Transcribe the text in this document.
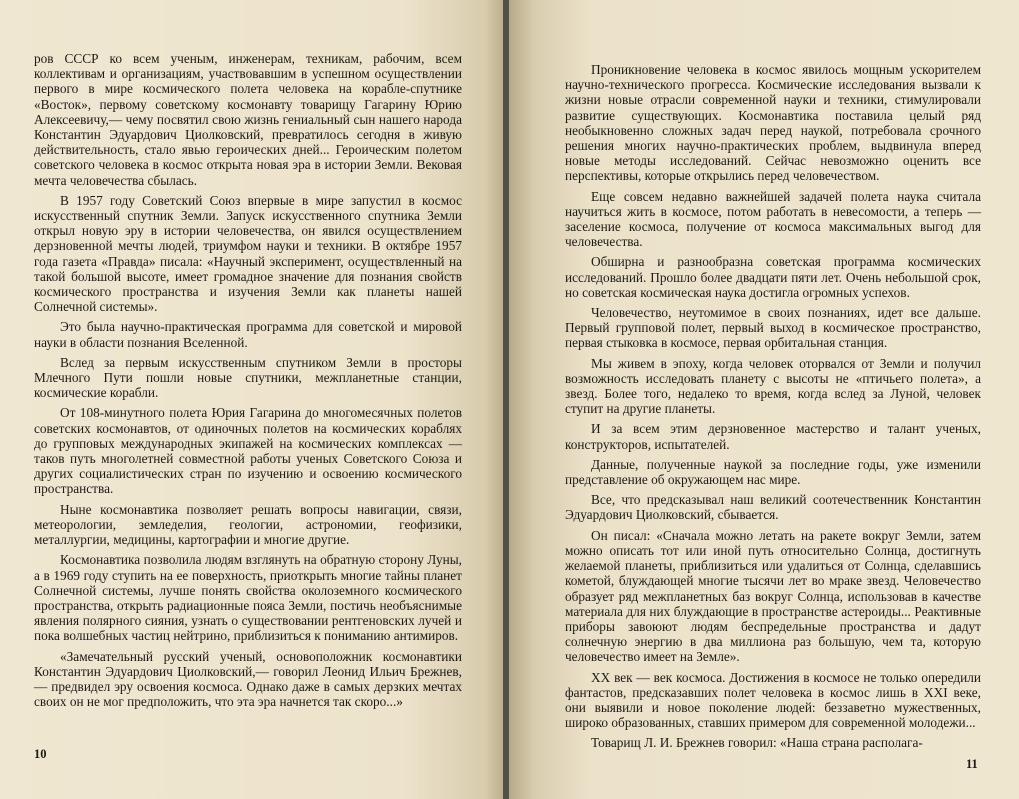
ров СССР ко всем ученым, инженерам, техникам, рабочим, всем коллективам и организациям, участвовавшим в успешном осуществлении первого в мире космического полета человека на корабле-спутнике «Восток», первому советскому космонавту товарищу Гагарину Юрию Алексеевичу,— чему посвятил свою жизнь гениальный сын нашего народа Константин Эдуардович Циолковский, превратилось сегодня в живую действительность, стало явью героических дней... Героическим полетом советского человека в космос открыта новая эра в истории Земли. Вековая мечта человечества сбылась.

В 1957 году Советский Союз впервые в мире запустил в космос искусственный спутник Земли. Запуск искусственного спутника Земли открыл новую эру в истории человечества, он явился осуществлением дерзновенной мечты людей, триумфом науки и техники. В октябре 1957 года газета «Правда» писала: «Научный эксперимент, осуществленный на такой большой высоте, имеет громадное значение для познания свойств космического пространства и изучения Земли как планеты нашей Солнечной системы».

Это была научно-практическая программа для советской и мировой науки в области познания Вселенной.

Вслед за первым искусственным спутником Земли в просторы Млечного Пути пошли новые спутники, межпланетные станции, космические корабли.

От 108-минутного полета Юрия Гагарина до многомесячных полетов советских космонавтов, от одиночных полетов на космических кораблях до групповых международных экипажей на космических комплексах — таков путь многолетней совместной работы ученых Советского Союза и других социалистических стран по изучению и освоению космического пространства.

Ныне космонавтика позволяет решать вопросы навигации, связи, метеорологии, земледелия, геологии, астрономии, геофизики, металлургии, медицины, картографии и многие другие.

Космонавтика позволила людям взглянуть на обратную сторону Луны, а в 1969 году ступить на ее поверхность, приоткрыть многие тайны планет Солнечной системы, лучше понять свойства околоземного космического пространства, открыть радиационные пояса Земли, постичь необъяснимые явления полярного сияния, узнать о существовании рентгеновских лучей и пока волшебных частиц нейтрино, приблизиться к пониманию антимиров.

«Замечательный русский ученый, основоположник космонавтики Константин Эдуардович Циолковский,— говорил Леонид Ильич Брежнев,— предвидел эру освоения космоса. Однако даже в самых дерзких мечтах своих он не мог предположить, что эта эра начнется так скоро...»

10

Проникновение человека в космос явилось мощным ускорителем научно-технического прогресса. Космические исследования вызвали к жизни новые отрасли современной науки и техники, стимулировали развитие существующих. Космонавтика поставила целый ряд необыкновенно сложных задач перед наукой, потребовала срочного решения многих научно-практических проблем, выдвинула вперед новые методы исследований. Сейчас невозможно оценить все перспективы, которые открылись перед человечеством.

Еще совсем недавно важнейшей задачей полета наука считала научиться жить в космосе, потом работать в невесомости, а теперь — заселение космоса, получение от космоса максимальных выгод для человечества.

Обширна и разнообразна советская программа космических исследований. Прошло более двадцати пяти лет. Очень небольшой срок, но советская космическая наука достигла огромных успехов.

Человечество, неутомимое в своих познаниях, идет все дальше. Первый групповой полет, первый выход в космическое пространство, первая стыковка в космосе, первая орбитальная станция.

Мы живем в эпоху, когда человек оторвался от Земли и получил возможность исследовать планету с высоты не «птичьего полета», а звезд. Более того, недалеко то время, когда вслед за Луной, человек ступит на другие планеты.

И за всем этим дерзновенное мастерство и талант ученых, конструкторов, испытателей.

Данные, полученные наукой за последние годы, уже изменили представление об окружающем нас мире.

Все, что предсказывал наш великий соотечественник Константин Эдуардович Циолковский, сбывается.

Он писал: «Сначала можно летать на ракете вокруг Земли, затем можно описать тот или иной путь относительно Солнца, достигнуть желаемой планеты, приблизиться или удалиться от Солнца, сделавшись кометой, блуждающей многие тысячи лет во мраке звезд. Человечество образует ряд межпланетных баз вокруг Солнца, использовав в качестве материала для них блуждающие в пространстве астероиды... Реактивные приборы завоюют людям беспредельные пространства и дадут солнечную энергию в два миллиона раз большую, чем та, которую человечество имеет на Земле».

XX век — век космоса. Достижения в космосе не только опередили фантастов, предсказавших полет человека в космос лишь в XXI веке, они выявили и новое поколение людей: беззаветно мужественных, широко образованных, ставших примером для современной молодежи...

Товарищ Л. И. Брежнев говорил: «Наша страна располага-

11
